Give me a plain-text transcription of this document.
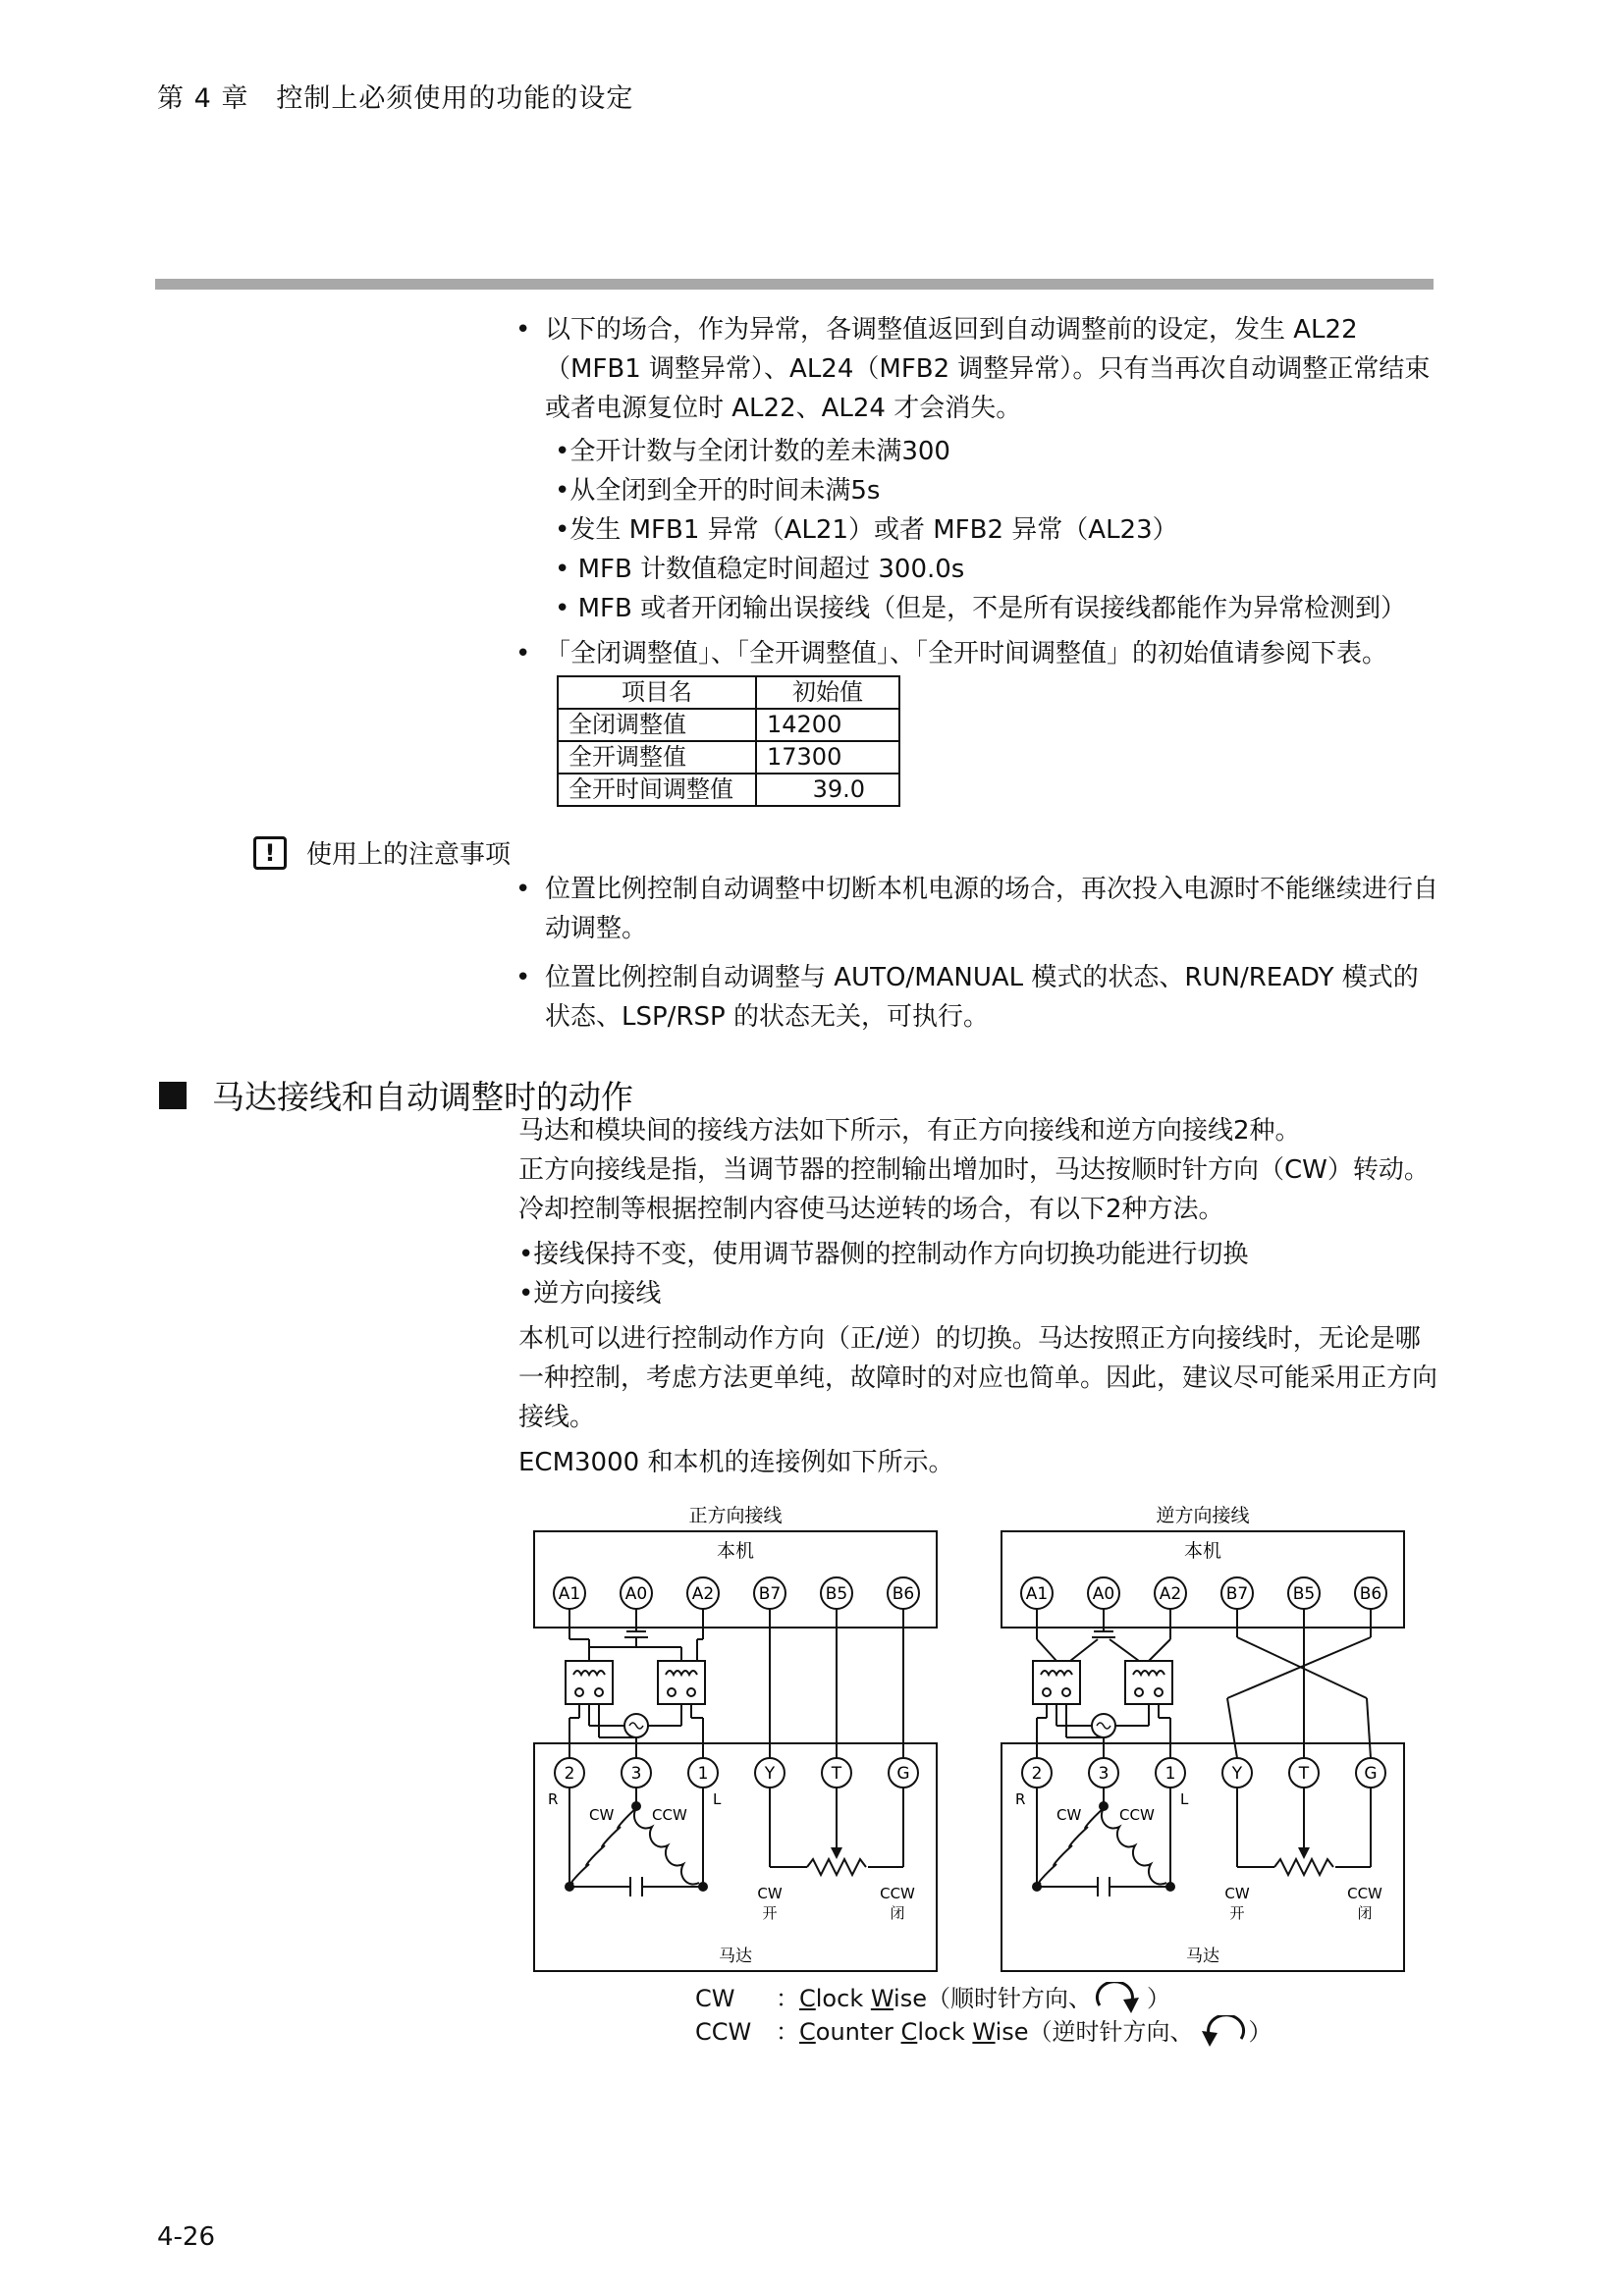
第 4 章　控制上必须使用的功能的设定
• 以下的场合，作为异常，各调整值返回到自动调整前的设定，发生 AL22（MFB1 调整异常）、AL24（MFB2 调整异常）。只有当再次自动调整正常结束或者电源复位时 AL22、AL24 才会消失。
•全开计数与全闭计数的差未满300
•从全闭到全开的时间未满5s
•发生 MFB1 异常（AL21）或者 MFB2 异常（AL23）
• MFB 计数值稳定时间超过 300.0s
• MFB 或者开闭输出误接线（但是，不是所有误接线都能作为异常检测到）
• 「全闭调整值」、「全开调整值」、「全开时间调整值」的初始值请参阅下表。
项目名	初始值
全闭调整值	14200
全开调整值	17300
全开时间调整值	39.0
!	使用上的注意事项
• 位置比例控制自动调整中切断本机电源的场合，再次投入电源时不能继续进行自动调整。
• 位置比例控制自动调整与 AUTO/MANUAL 模式的状态、RUN/READY 模式的状态、LSP/RSP 的状态无关，可执行。
马达接线和自动调整时的动作
马达和模块间的接线方法如下所示，有正方向接线和逆方向接线2种。
正方向接线是指，当调节器的控制输出增加时，马达按顺时针方向（CW）转动。
冷却控制等根据控制内容使马达逆转的场合，有以下2种方法。
•接线保持不变，使用调节器侧的控制动作方向切换功能进行切换
•逆方向接线
本机可以进行控制动作方向（正/逆）的切换。马达按照正方向接线时，无论是哪一种控制，考虑方法更单纯，故障时的对应也简单。因此，建议尽可能采用正方向接线。
ECM3000 和本机的连接例如下所示。
正方向接线
本机
A1	A0	A2	B7	B5	B6
马达
2	3	1	Y	T	G
R	L
CW	CCW
CW
开
CCW
闭
逆方向接线
本机
A1	A0	A2	B7	B5	B6
马达
2	3	1	Y	T	G
R	L
CW	CCW
CW
开
CCW
闭
CW	：Clock Wise（顺时针方向、 ）
CCW	：Counter Clock Wise（逆时针方向、 ）
4-26
